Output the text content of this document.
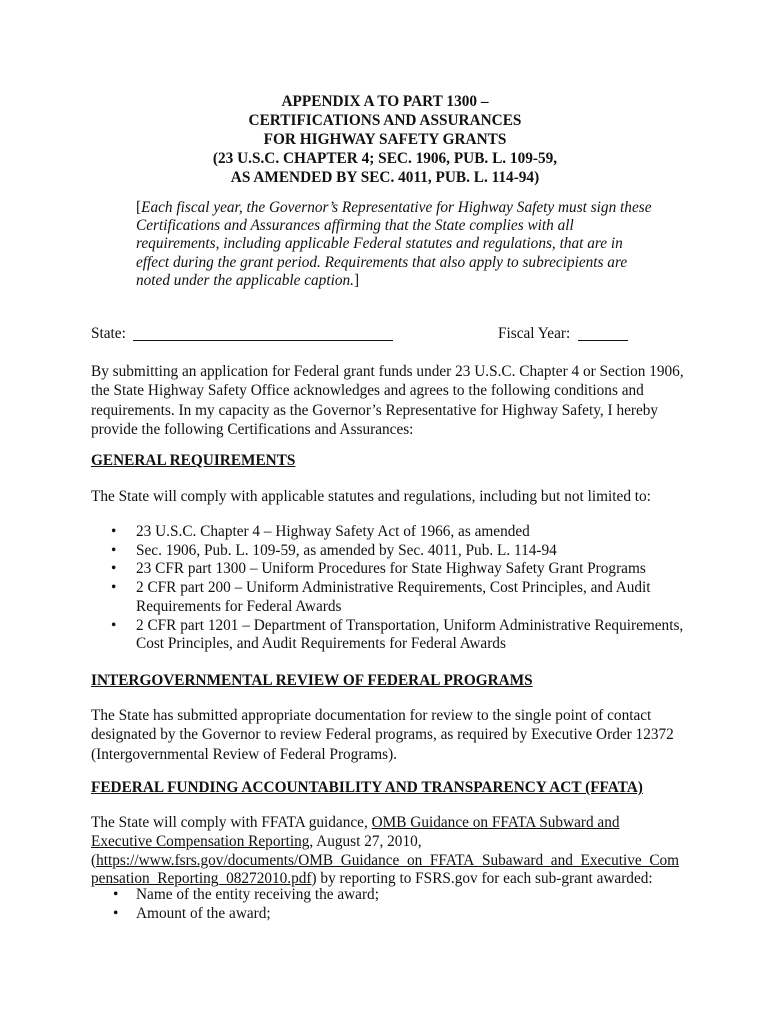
APPENDIX A TO PART 1300 –
CERTIFICATIONS AND ASSURANCES
FOR HIGHWAY SAFETY GRANTS
(23 U.S.C. CHAPTER 4; SEC. 1906, PUB. L. 109-59,
AS AMENDED BY SEC. 4011, PUB. L. 114-94)
[Each fiscal year, the Governor’s Representative for Highway Safety must sign these Certifications and Assurances affirming that the State complies with all requirements, including applicable Federal statutes and regulations, that are in effect during the grant period. Requirements that also apply to subrecipients are noted under the applicable caption.]
State:	Fiscal Year:
By submitting an application for Federal grant funds under 23 U.S.C. Chapter 4 or Section 1906, the State Highway Safety Office acknowledges and agrees to the following conditions and requirements. In my capacity as the Governor’s Representative for Highway Safety, I hereby provide the following Certifications and Assurances:
GENERAL REQUIREMENTS
The State will comply with applicable statutes and regulations, including but not limited to:
• 23 U.S.C. Chapter 4 – Highway Safety Act of 1966, as amended
• Sec. 1906, Pub. L. 109-59, as amended by Sec. 4011, Pub. L. 114-94
• 23 CFR part 1300 – Uniform Procedures for State Highway Safety Grant Programs
• 2 CFR part 200 – Uniform Administrative Requirements, Cost Principles, and Audit Requirements for Federal Awards
• 2 CFR part 1201 – Department of Transportation, Uniform Administrative Requirements, Cost Principles, and Audit Requirements for Federal Awards
INTERGOVERNMENTAL REVIEW OF FEDERAL PROGRAMS
The State has submitted appropriate documentation for review to the single point of contact designated by the Governor to review Federal programs, as required by Executive Order 12372 (Intergovernmental Review of Federal Programs).
FEDERAL FUNDING ACCOUNTABILITY AND TRANSPARENCY ACT (FFATA)
The State will comply with FFATA guidance, OMB Guidance on FFATA Subward and
Executive Compensation Reporting, August 27, 2010,
(https://www.fsrs.gov/documents/OMB_Guidance_on_FFATA_Subaward_and_Executive_Com
pensation_Reporting_08272010.pdf) by reporting to FSRS.gov for each sub-grant awarded:
• Name of the entity receiving the award;
• Amount of the award;
